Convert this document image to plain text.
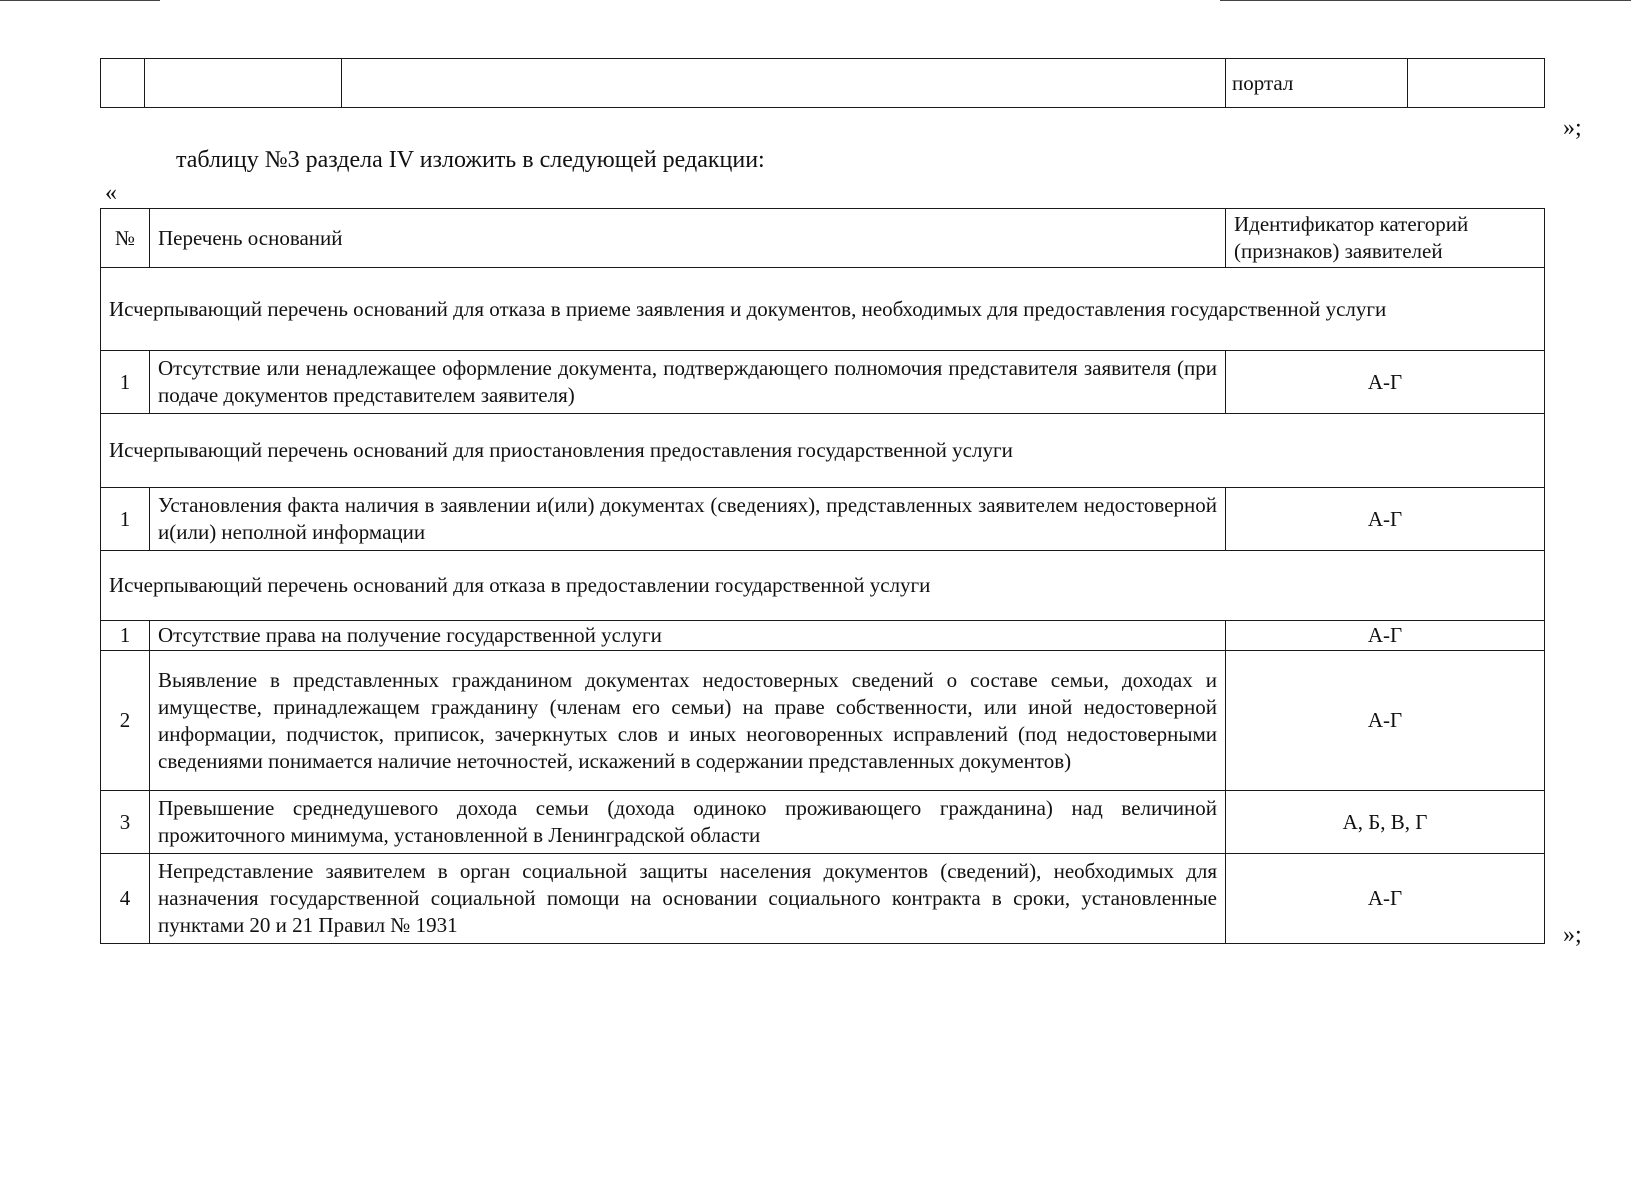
			портал	
»;
таблицу №3 раздела IV изложить в следующей редакции:
«
№	Перечень оснований	Идентификатор категорий (признаков) заявителей
Исчерпывающий перечень оснований для отказа в приеме заявления и документов, необходимых для предоставления государственной услуги		
1	Отсутствие или ненадлежащее оформление документа, подтверждающего полномочия представителя заявителя (при подаче документов представителем заявителя)	А-Г
Исчерпывающий перечень оснований для приостановления предоставления государственной услуги		
1	Установления факта наличия в заявлении и(или) документах (сведениях), представленных заявителем недостоверной и(или) неполной информации	А-Г
Исчерпывающий перечень оснований для отказа в предоставлении государственной услуги		
1	Отсутствие права на получение государственной услуги	А-Г
2	Выявление в представленных гражданином документах недостоверных сведений о составе семьи, доходах и имуществе, принадлежащем гражданину (членам его семьи) на праве собственности, или иной недостоверной информации, подчисток, приписок, зачеркнутых слов и иных неоговоренных исправлений (под недостоверными сведениями понимается наличие неточностей, искажений в содержании представленных документов)	А-Г
3	Превышение среднедушевого дохода семьи (дохода одиноко проживающего гражданина) над величиной прожиточного минимума, установленной в Ленинградской области	А, Б, В, Г
4	Непредставление заявителем в орган социальной защиты населения документов (сведений), необходимых для назначения государственной социальной помощи на основании социального контракта в сроки, установленные пунктами 20 и 21 Правил № 1931	А-Г
»;
